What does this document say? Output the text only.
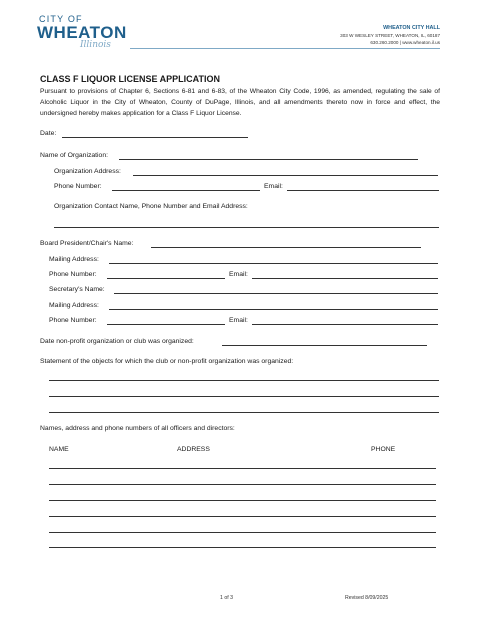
CITY OF
WHEATON
Illinois
WHEATON CITY HALL
303 W WESLEY STREET, WHEATON, IL, 60187
630.260.2000 | www.wheaton.il.us
CLASS F LIQUOR LICENSE APPLICATION
Pursuant to provisions of Chapter 6, Sections 6-81 and 6-83, of the Wheaton City Code, 1996, as amended, regulating the sale of Alcoholic Liquor in the City of Wheaton, County of DuPage, Illinois, and all amendments thereto now in force and effect, the undersigned hereby makes application for a Class F Liquor License.
Date:
Name of Organization:
Organization Address:
Phone Number:	Email:
Organization Contact Name, Phone Number and Email Address:
Board President/Chair's Name:
Mailing Address:
Phone Number:	Email:
Secretary's Name:
Mailing Address:
Phone Number:	Email:
Date non-profit organization or club was organized:
Statement of the objects for which the club or non-profit organization was organized:
Names, address and phone numbers of all officers and directors:
NAME	ADDRESS	PHONE
1 of 3	Revised 8/09/2025
